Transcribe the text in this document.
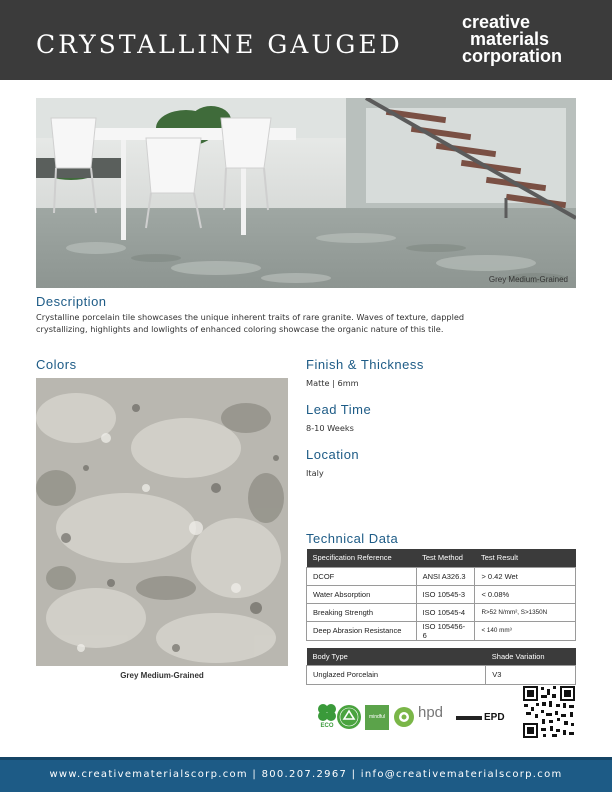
CRYSTALLINE GAUGED
creative
materials
corporation
Grey Medium-Grained
Description
Crystalline porcelain tile showcases the unique inherent traits of rare granite. Waves of texture, dappled
crystallizing, highlights and lowlights of enhanced coloring showcase the organic nature of this tile.
Colors
Grey Medium-Grained
Finish & Thickness
Matte | 6mm
Lead Time
8-10 Weeks
Location
Italy
Technical Data
Specification Reference	Test Method	Test Result
DCOF	ANSI A326.3	> 0.42 Wet
Water Absorption	ISO 10545-3	< 0.08%
Breaking Strength	ISO 10545-4	R>52 N/mm², S>1350N
Deep Abrasion Resistance	ISO 105456-6	< 140 mm³
Body Type	Shade Variation
Unglazed Porcelain	V3
ECO
mindful hpd	EPD
www.creativematerialscorp.com | 800.207.2967 | info@creativematerialscorp.com
